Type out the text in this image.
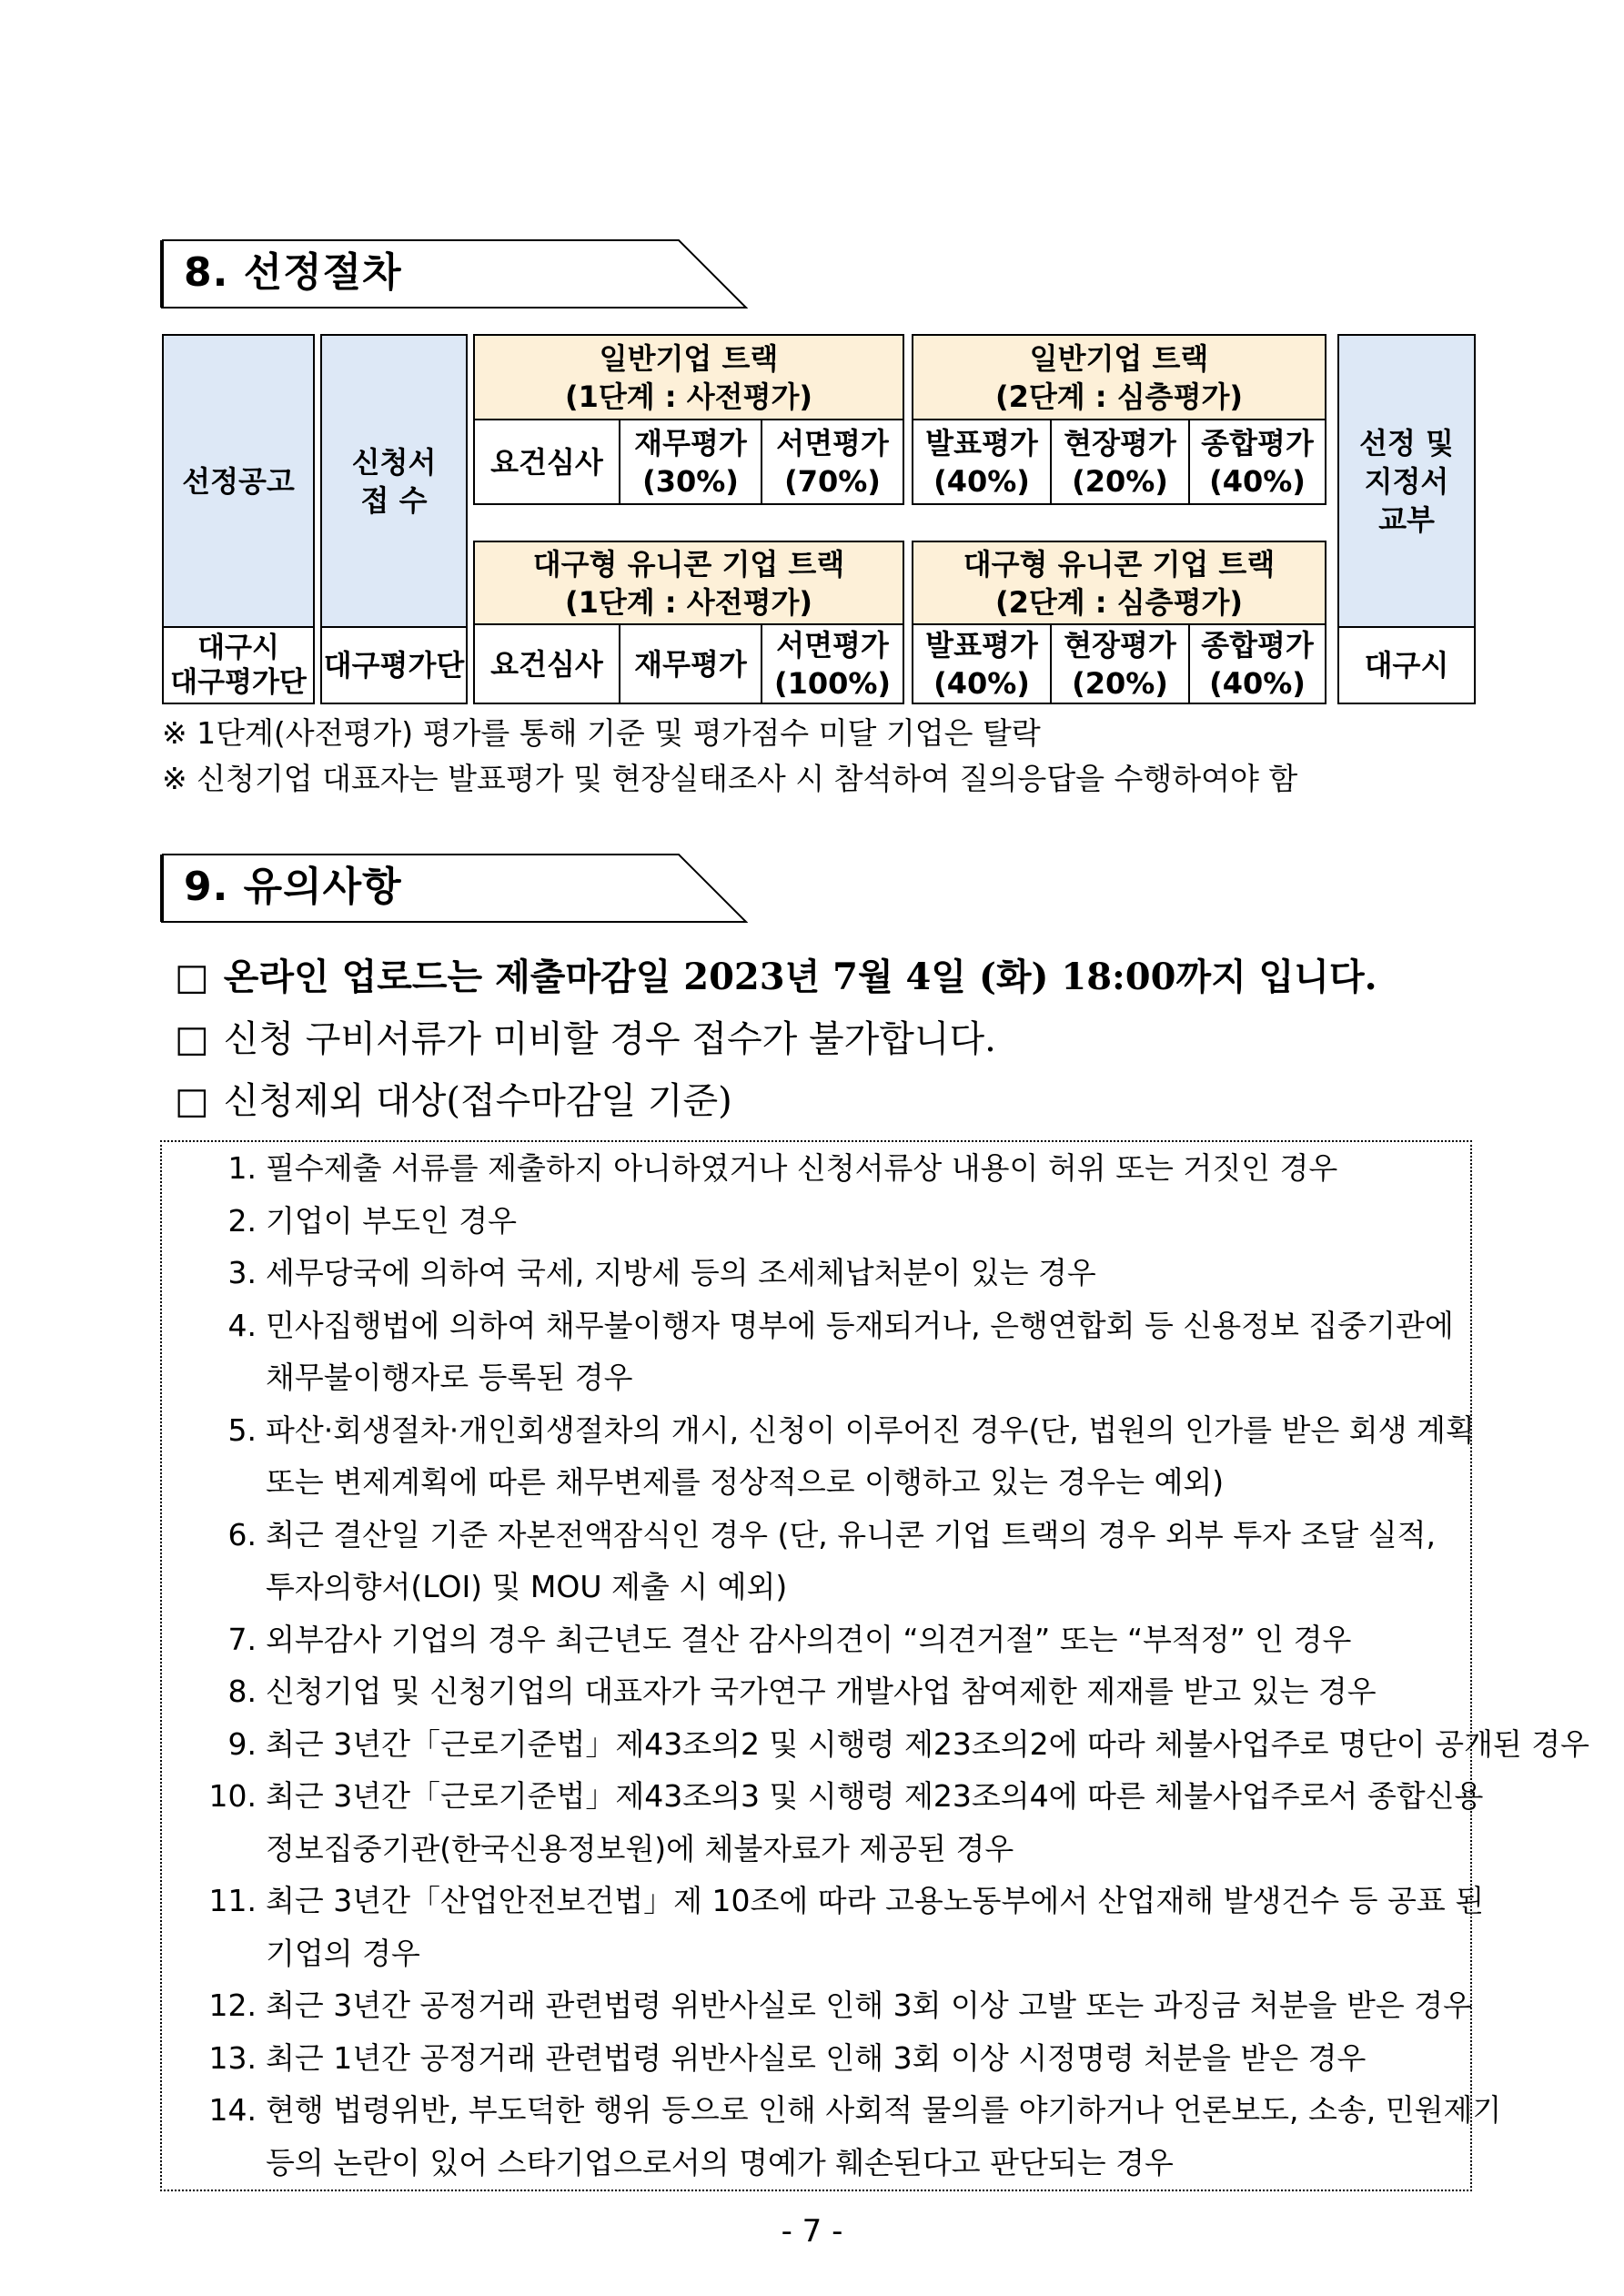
8. 선정절차
선정공고
대구시
대구평가단
신청서
접 수
대구평가단
일반기업 트랙
(1단계 : 사전평가)
요건심사
재무평가
(30%)
서면평가
(70%)
일반기업 트랙
(2단계 : 심층평가)
발표평가
(40%)
현장평가
(20%)
종합평가
(40%)
대구형 유니콘 기업 트랙
(1단계 : 사전평가)
요건심사 재무평가
서면평가
(100%)
대구형 유니콘 기업 트랙
(2단계 : 심층평가)
발표평가
(40%)
현장평가
(20%)
종합평가
(40%)
선정 및
지정서
교부
대구시
※ 1단계(사전평가) 평가를 통해 기준 및 평가점수 미달 기업은 탈락
※ 신청기업 대표자는 발표평가 및 현장실태조사 시 참석하여 질의응답을 수행하여야 함
9. 유의사항
□ 온라인 업로드는 제출마감일 2023년 7월 4일 (화) 18:00까지 입니다.
□ 신청 구비서류가 미비할 경우 접수가 불가합니다.
□ 신청제외 대상(접수마감일 기준)
1. 필수제출 서류를 제출하지 아니하였거나 신청서류상 내용이 허위 또는 거짓인 경우
2. 기업이 부도인 경우
3. 세무당국에 의하여 국세, 지방세 등의 조세체납처분이 있는 경우
4. 민사집행법에 의하여 채무불이행자 명부에 등재되거나, 은행연합회 등 신용정보 집중기관에
채무불이행자로 등록된 경우
5. 파산·회생절차·개인회생절차의 개시, 신청이 이루어진 경우(단, 법원의 인가를 받은 회생 계획
또는 변제계획에 따른 채무변제를 정상적으로 이행하고 있는 경우는 예외)
6. 최근 결산일 기준 자본전액잠식인 경우 (단, 유니콘 기업 트랙의 경우 외부 투자 조달 실적,
투자의향서(LOI) 및 MOU 제출 시 예외)
7. 외부감사 기업의 경우 최근년도 결산 감사의견이 “의견거절” 또는 “부적정” 인 경우
8. 신청기업 및 신청기업의 대표자가 국가연구 개발사업 참여제한 제재를 받고 있는 경우
9. 최근 3년간「근로기준법」제43조의2 및 시행령 제23조의2에 따라 체불사업주로 명단이 공개된 경우
10. 최근 3년간「근로기준법」제43조의3 및 시행령 제23조의4에 따른 체불사업주로서 종합신용
정보집중기관(한국신용정보원)에 체불자료가 제공된 경우
11. 최근 3년간「산업안전보건법」제 10조에 따라 고용노동부에서 산업재해 발생건수 등 공표 된
기업의 경우
12. 최근 3년간 공정거래 관련법령 위반사실로 인해 3회 이상 고발 또는 과징금 처분을 받은 경우
13. 최근 1년간 공정거래 관련법령 위반사실로 인해 3회 이상 시정명령 처분을 받은 경우
14. 현행 법령위반, 부도덕한 행위 등으로 인해 사회적 물의를 야기하거나 언론보도, 소송, 민원제기
등의 논란이 있어 스타기업으로서의 명예가 훼손된다고 판단되는 경우
- 7 -
